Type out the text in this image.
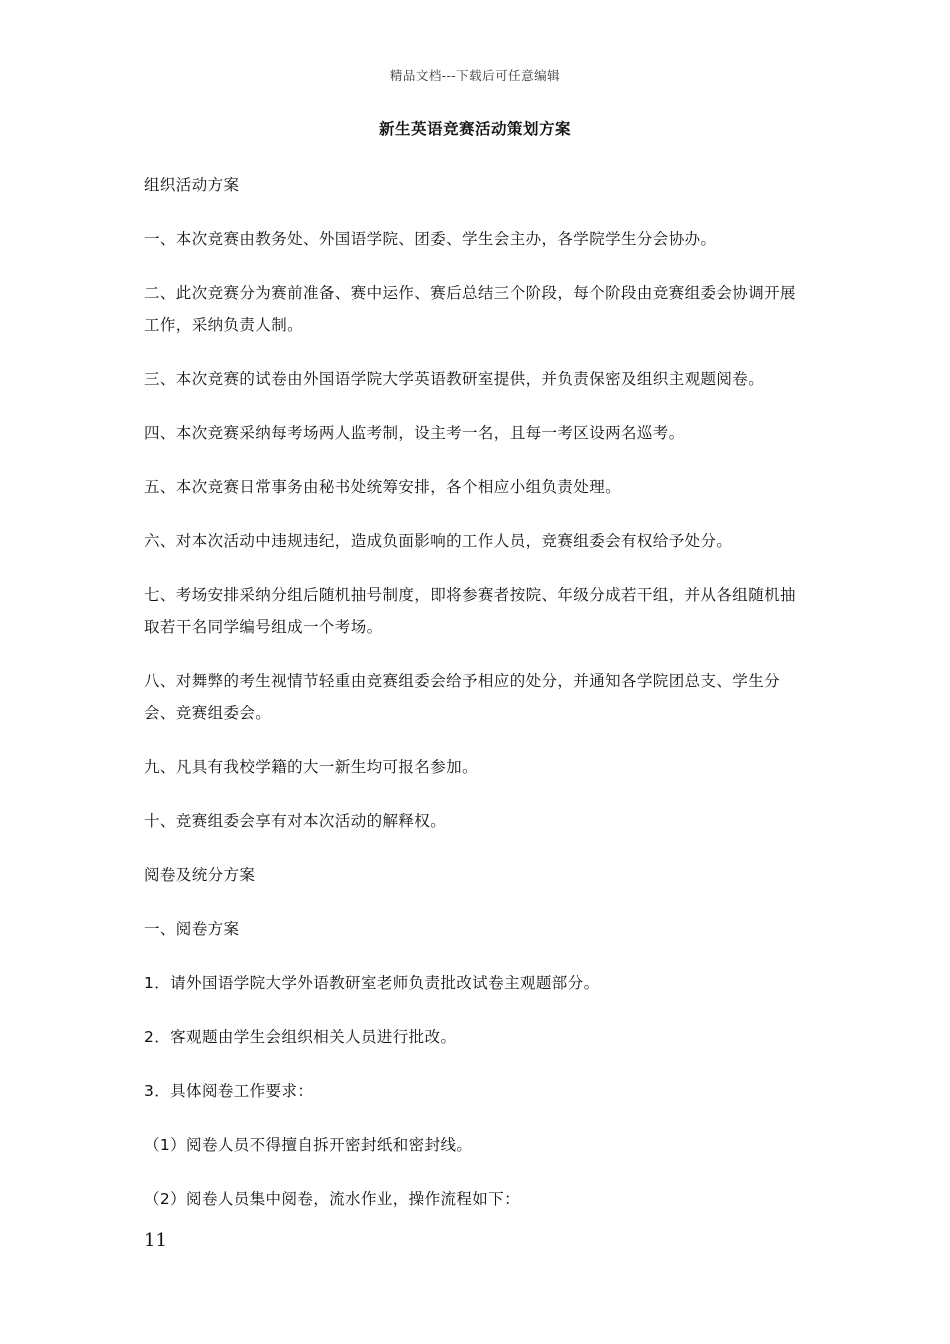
精品文档---下载后可任意编辑
新生英语竞赛活动策划方案
组织活动方案
一、本次竞赛由教务处、外国语学院、团委、学生会主办，各学院学生分会协办。
二、此次竞赛分为赛前准备、赛中运作、赛后总结三个阶段，每个阶段由竞赛组委会协调开展工作，采纳负责人制。
三、本次竞赛的试卷由外国语学院大学英语教研室提供，并负责保密及组织主观题阅卷。
四、本次竞赛采纳每考场两人监考制，设主考一名，且每一考区设两名巡考。
五、本次竞赛日常事务由秘书处统筹安排，各个相应小组负责处理。
六、对本次活动中违规违纪，造成负面影响的工作人员，竞赛组委会有权给予处分。
七、考场安排采纳分组后随机抽号制度，即将参赛者按院、年级分成若干组，并从各组随机抽取若干名同学编号组成一个考场。
八、对舞弊的考生视情节轻重由竞赛组委会给予相应的处分，并通知各学院团总支、学生分会、竞赛组委会。
九、凡具有我校学籍的大一新生均可报名参加。
十、竞赛组委会享有对本次活动的解释权。
阅卷及统分方案
一、阅卷方案
1．请外国语学院大学外语教研室老师负责批改试卷主观题部分。
2．客观题由学生会组织相关人员进行批改。
3．具体阅卷工作要求：
（1）阅卷人员不得擅自拆开密封纸和密封线。
（2）阅卷人员集中阅卷，流水作业，操作流程如下：
11
